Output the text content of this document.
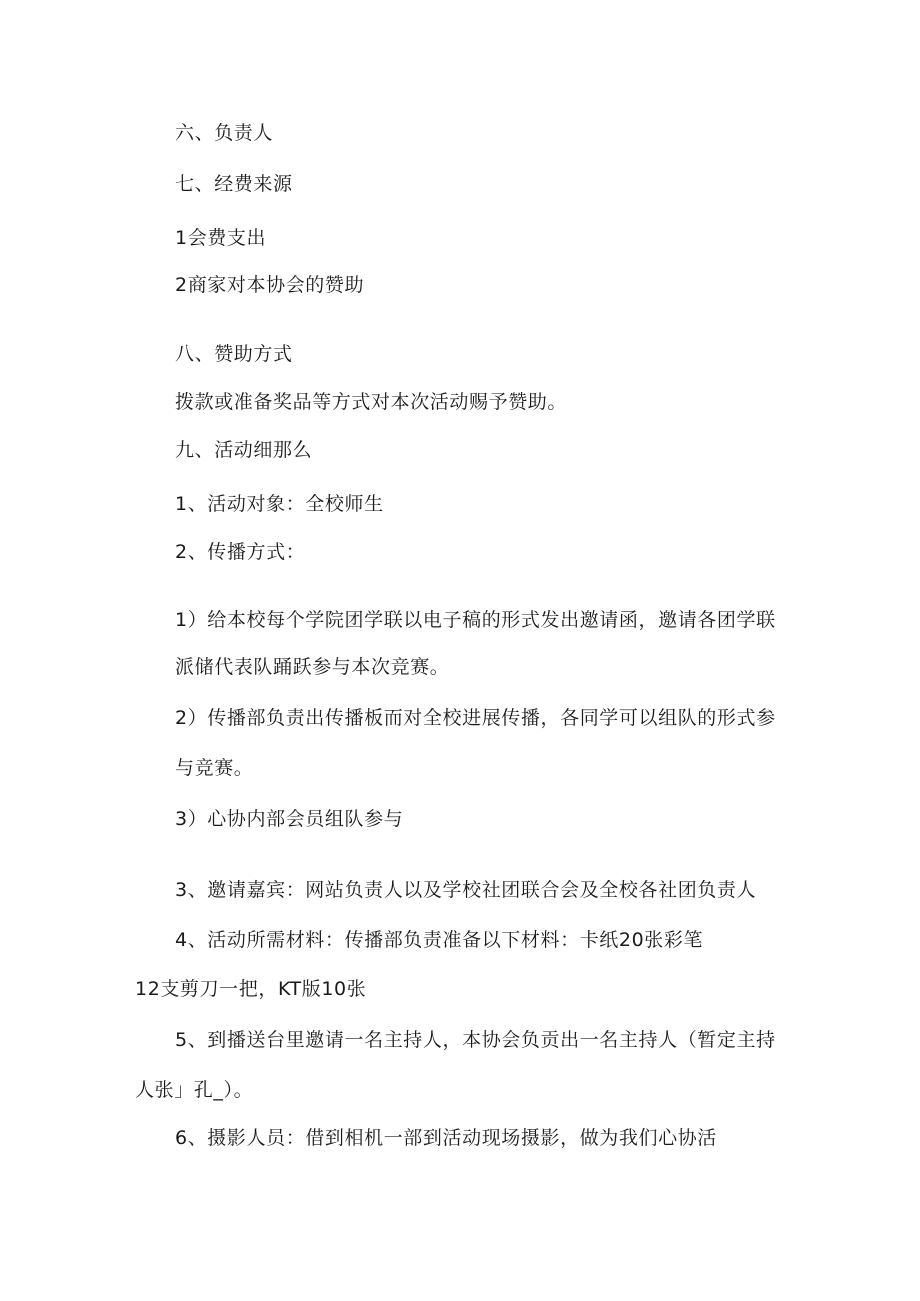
六、负责人
七、经费来源
1会费支出
2商家对本协会的赞助
八、赞助方式
拨款或准备奖品等方式对本次活动赐予赞助。
九、活动细那么
1、活动对象：全校师生
2、传播方式：
1）给本校每个学院团学联以电子稿的形式发出邀请函，邀请各团学联
派储代表队踊跃参与本次竞赛。
2）传播部负责出传播板而对全校进展传播，各同学可以组队的形式参
与竞赛。
3）心协内部会员组队参与
3、邀请嘉宾：网站负责人以及学校社团联合会及全校各社团负责人
4、活动所需材料：传播部负责准备以下材料：卡纸20张彩笔
12支剪刀一把，KT版10张
5、到播送台里邀请一名主持人，本协会负贡出一名主持人（暂定主持
人张」孔_）。
6、摄影人员：借到相机一部到活动现场摄影，做为我们心协活
